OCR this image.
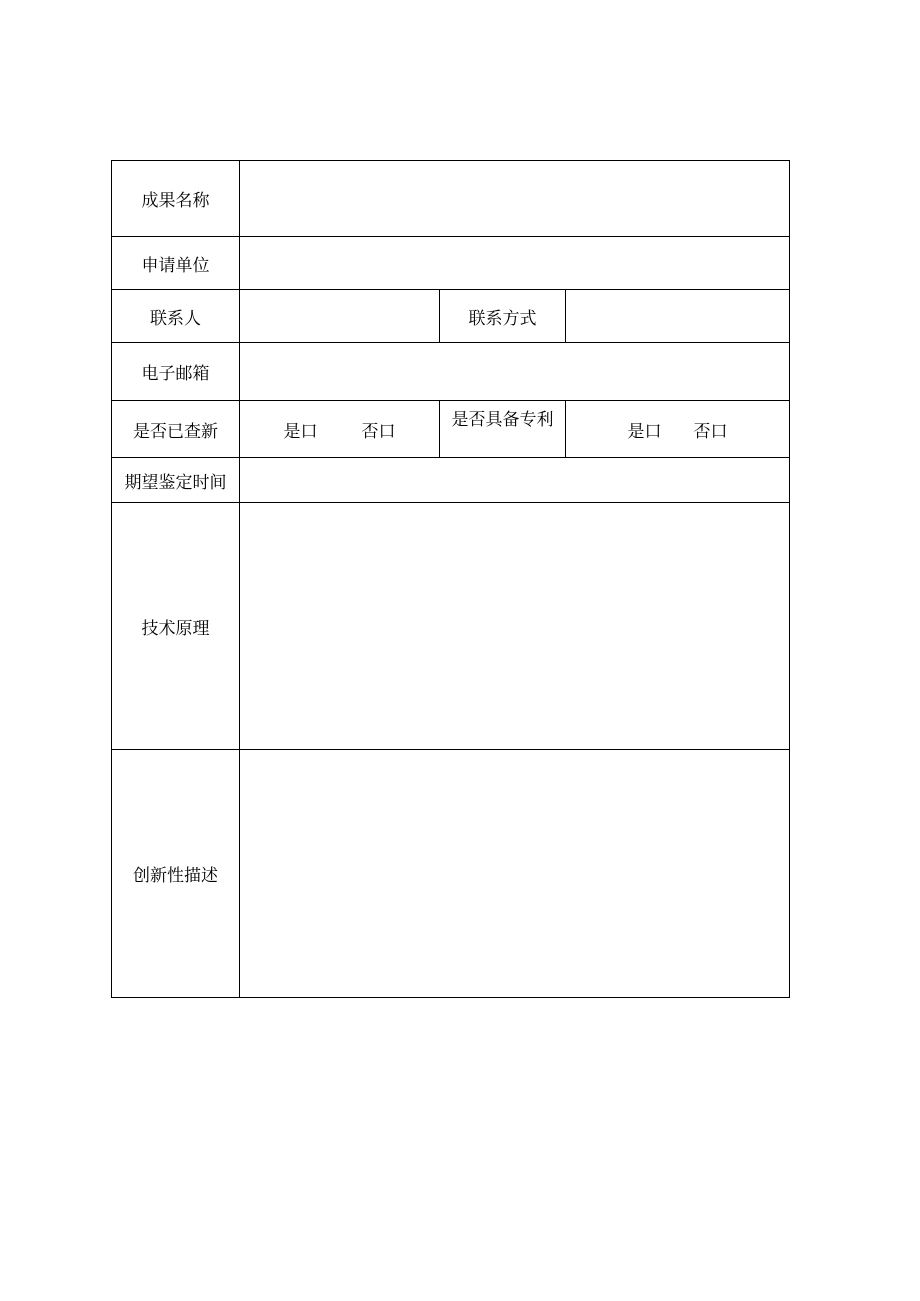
成果名称			
申请单位			
联系人		联系方式	
电子邮箱			
是否已查新	是口 否口	是否具备专利	是口 否口
期望鉴定时间			
技术原理			
创新性描述			
